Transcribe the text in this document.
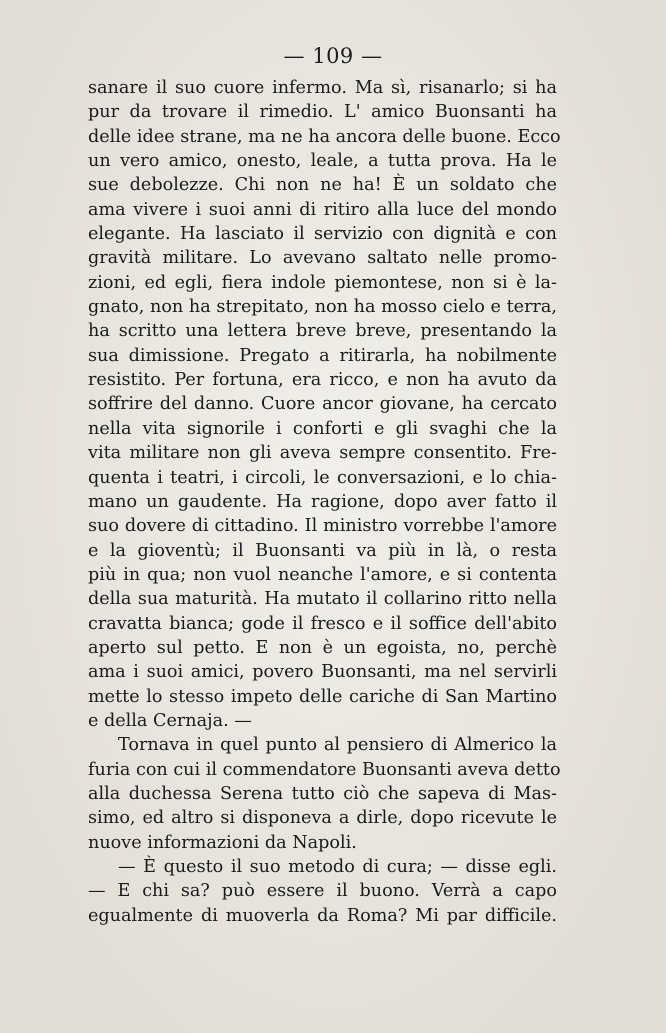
— 109 —
sanare il suo cuore infermo. Ma sì, risanarlo; si ha
pur da trovare il rimedio. L' amico Buonsanti ha
delle idee strane, ma ne ha ancora delle buone. Ecco
un vero amico, onesto, leale, a tutta prova. Ha le
sue debolezze. Chi non ne ha! È un soldato che
ama vivere i suoi anni di ritiro alla luce del mondo
elegante. Ha lasciato il servizio con dignità e con
gravità militare. Lo avevano saltato nelle promo-
zioni, ed egli, fiera indole piemontese, non si è la-
gnato, non ha strepitato, non ha mosso cielo e terra,
ha scritto una lettera breve breve, presentando la
sua dimissione. Pregato a ritirarla, ha nobilmente
resistito. Per fortuna, era ricco, e non ha avuto da
soffrire del danno. Cuore ancor giovane, ha cercato
nella vita signorile i conforti e gli svaghi che la
vita militare non gli aveva sempre consentito. Fre-
quenta i teatri, i circoli, le conversazioni, e lo chia-
mano un gaudente. Ha ragione, dopo aver fatto il
suo dovere di cittadino. Il ministro vorrebbe l'amore
e la gioventù; il Buonsanti va più in là, o resta
più in qua; non vuol neanche l'amore, e si contenta
della sua maturità. Ha mutato il collarino ritto nella
cravatta bianca; gode il fresco e il soffice dell'abito
aperto sul petto. E non è un egoista, no, perchè
ama i suoi amici, povero Buonsanti, ma nel servirli
mette lo stesso impeto delle cariche di San Martino
e della Cernaja. —
Tornava in quel punto al pensiero di Almerico la
furia con cui il commendatore Buonsanti aveva detto
alla duchessa Serena tutto ciò che sapeva di Mas-
simo, ed altro si disponeva a dirle, dopo ricevute le
nuove informazioni da Napoli.
— È questo il suo metodo di cura; — disse egli.
— E chi sa? può essere il buono. Verrà a capo
egualmente di muoverla da Roma? Mi par difficile.
